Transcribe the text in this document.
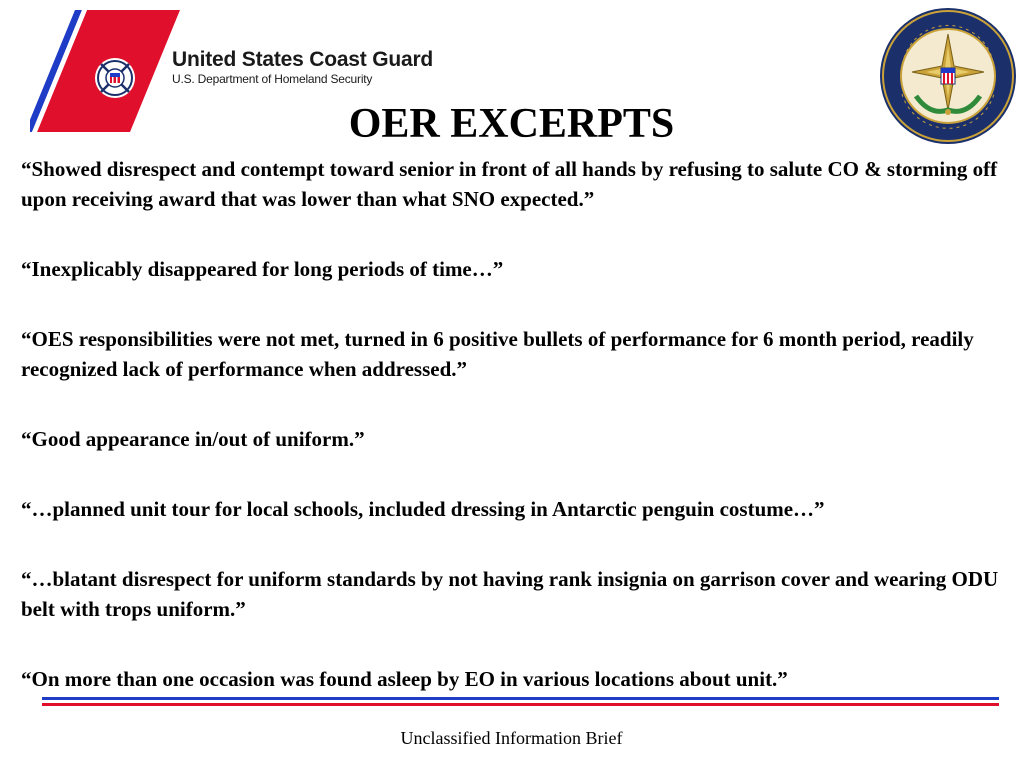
United States Coast Guard
U.S. Department of Homeland Security
OER EXCERPTS
“Showed disrespect and contempt toward senior in front of all hands by refusing to salute CO & storming off upon receiving award that was lower than what SNO expected.”
“Inexplicably disappeared for long periods of time…”
“OES responsibilities were not met, turned in 6 positive bullets of performance for 6 month period, readily recognized lack of performance when addressed.”
“Good appearance in/out of uniform.”
“…planned unit tour for local schools, included dressing in Antarctic penguin costume…”
“…blatant disrespect for uniform standards by not having rank insignia on garrison cover and wearing ODU belt with trops uniform.”
“On more than one occasion was found asleep by EO in various locations about unit.”
Unclassified Information Brief
